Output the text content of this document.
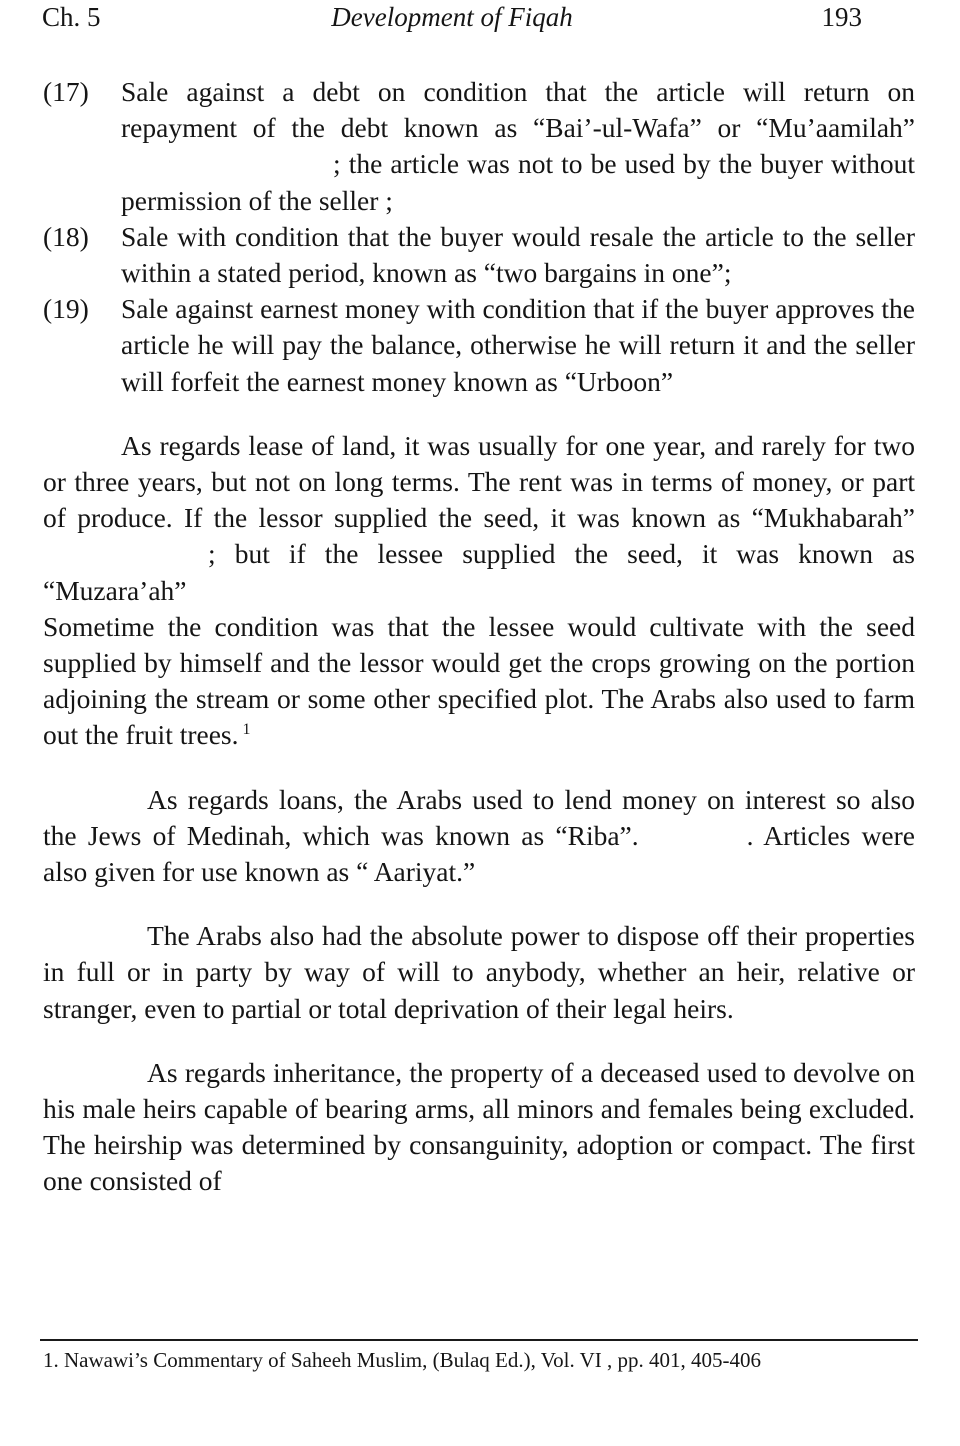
Ch. 5	Development of Fiqah	193
(17) Sale against a debt on condition that the article will return on repayment of the debt known as “Bai’-ul-Wafa” or “Mu’aamilah”; the article was not to be used by the buyer without permission of the seller ;
(18) Sale with condition that the buyer would resale the article to the seller within a stated period, known as “two bargains in one”;
(19) Sale against earnest money with condition that if the buyer approves the article he will pay the balance, otherwise he will return it and the seller will forfeit the earnest money known as “Urboon”
As regards lease of land, it was usually for one year, and rarely for two or three years, but not on long terms. The rent was in terms of money, or part of produce. If the lessor supplied the seed, it was known as “Mukhabarah”; but if the lessee supplied the seed, it was known as “Muzara’ah”
Sometime the condition was that the lessee would cultivate with the seed supplied by himself and the lessor would get the crops growing on the portion adjoining the stream or some other specified plot. The Arabs also used to farm out the fruit trees. $^1$
As regards loans, the Arabs used to lend money on interest so also the Jews of Medinah, which was known as “Riba”.	. Articles were also given for use known as “ Aariyat.”
The Arabs also had the absolute power to dispose off their properties in full or in party by way of will to anybody, whether an heir, relative or stranger, even to partial or total deprivation of their legal heirs.
As regards inheritance, the property of a deceased used to devolve on his male heirs capable of bearing arms, all minors and females being excluded. The heirship was determined by consanguinity, adoption or compact. The first one consisted of
1. Nawawi’s Commentary of Saheeh Muslim, (Bulaq Ed.), Vol. VI , pp. 401, 405-406
